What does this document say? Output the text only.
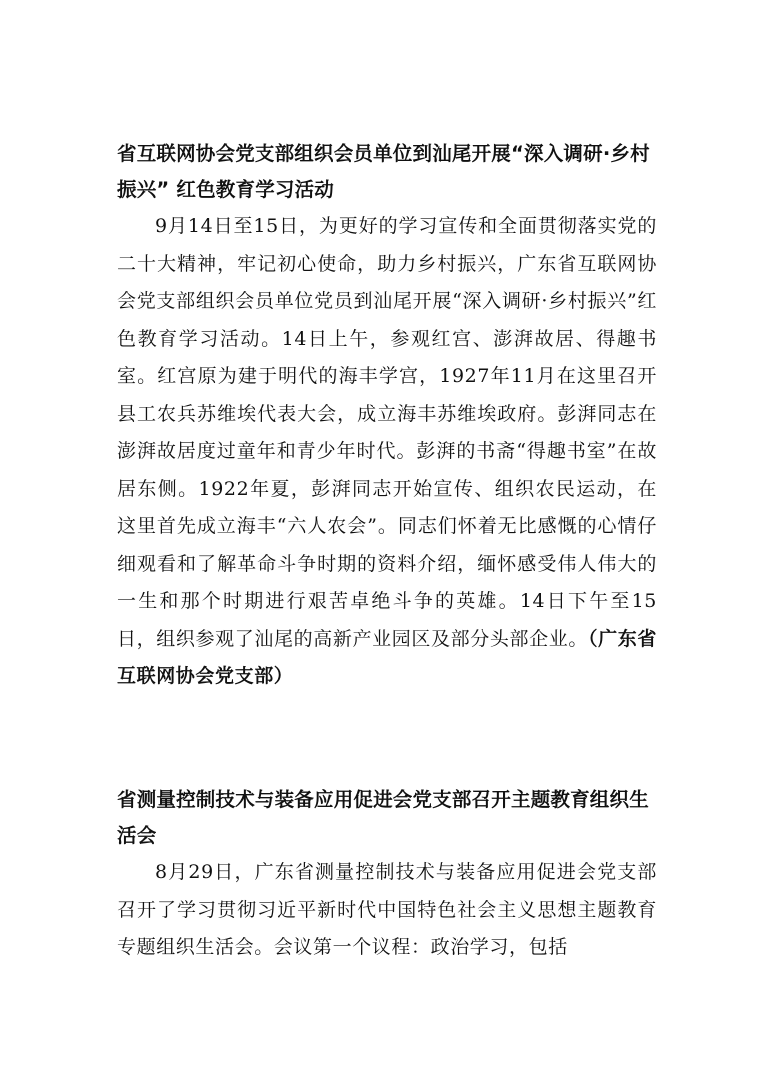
省互联网协会党支部组织会员单位到汕尾开展“深入调研·乡村振兴” 红色教育学习活动

9月14日至15日，为更好的学习宣传和全面贯彻落实党的二十大精神，牢记初心使命，助力乡村振兴，广东省互联网协会党支部组织会员单位党员到汕尾开展“深入调研·乡村振兴”红色教育学习活动。14日上午，参观红宫、澎湃故居、得趣书室。红宫原为建于明代的海丰学宫，1927年11月在这里召开县工农兵苏维埃代表大会，成立海丰苏维埃政府。彭湃同志在澎湃故居度过童年和青少年时代。彭湃的书斋“得趣书室”在故居东侧。1922年夏，彭湃同志开始宣传、组织农民运动，在这里首先成立海丰“六人农会”。同志们怀着无比感慨的心情仔细观看和了解革命斗争时期的资料介绍，缅怀感受伟人伟大的一生和那个时期进行艰苦卓绝斗争的英雄。14日下午至15日，组织参观了汕尾的高新产业园区及部分头部企业。（广东省互联网协会党支部）

省测量控制技术与装备应用促进会党支部召开主题教育组织生活会

8月29日，广东省测量控制技术与装备应用促进会党支部召开了学习贯彻习近平新时代中国特色社会主义思想主题教育专题组织生活会。会议第一个议程：政治学习，包括
